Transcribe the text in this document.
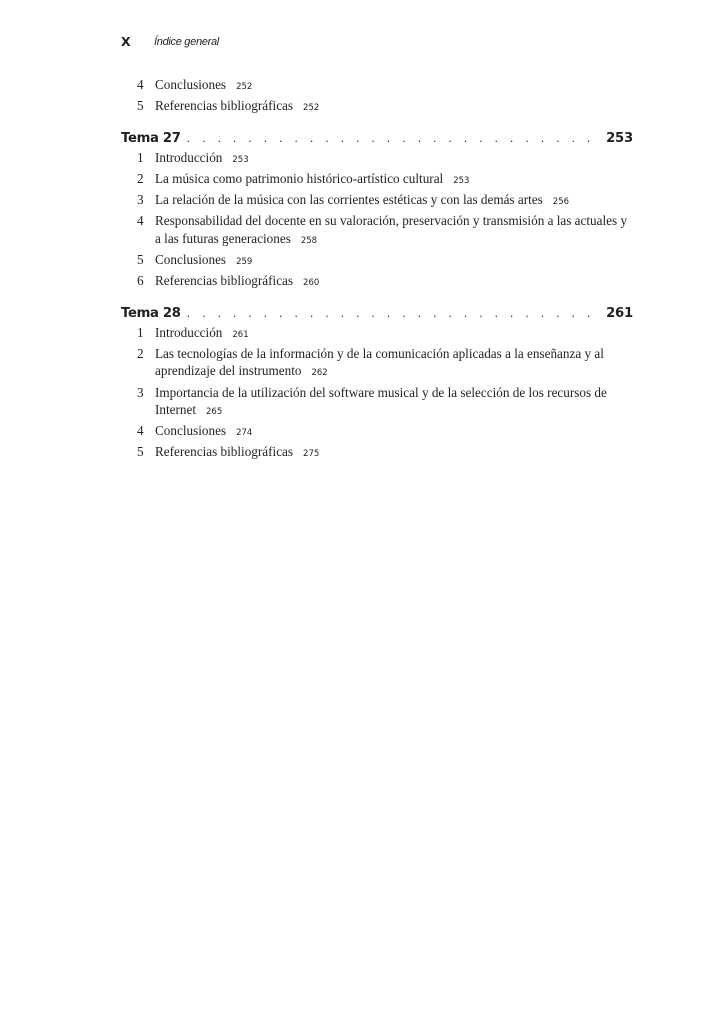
X Índice general
4 Conclusiones 252
5 Referencias bibliográficas 252
Tema 27 . . .	253
1 Introducción 253
2 La música como patrimonio histórico-artístico cultural 253
3 La relación de la música con las corrientes estéticas y con las demás artes 256
4 Responsabilidad del docente en su valoración, preservación y transmisión a las actuales y a las futuras generaciones 258
5 Conclusiones 259
6 Referencias bibliográficas 260
Tema 28 . . .	261
1 Introducción 261
2 Las tecnologías de la información y de la comunicación aplicadas a la enseñanza y al aprendizaje del instrumento 262
3 Importancia de la utilización del software musical y de la selección de los recursos de Internet 265
4 Conclusiones 274
5 Referencias bibliográficas 275
